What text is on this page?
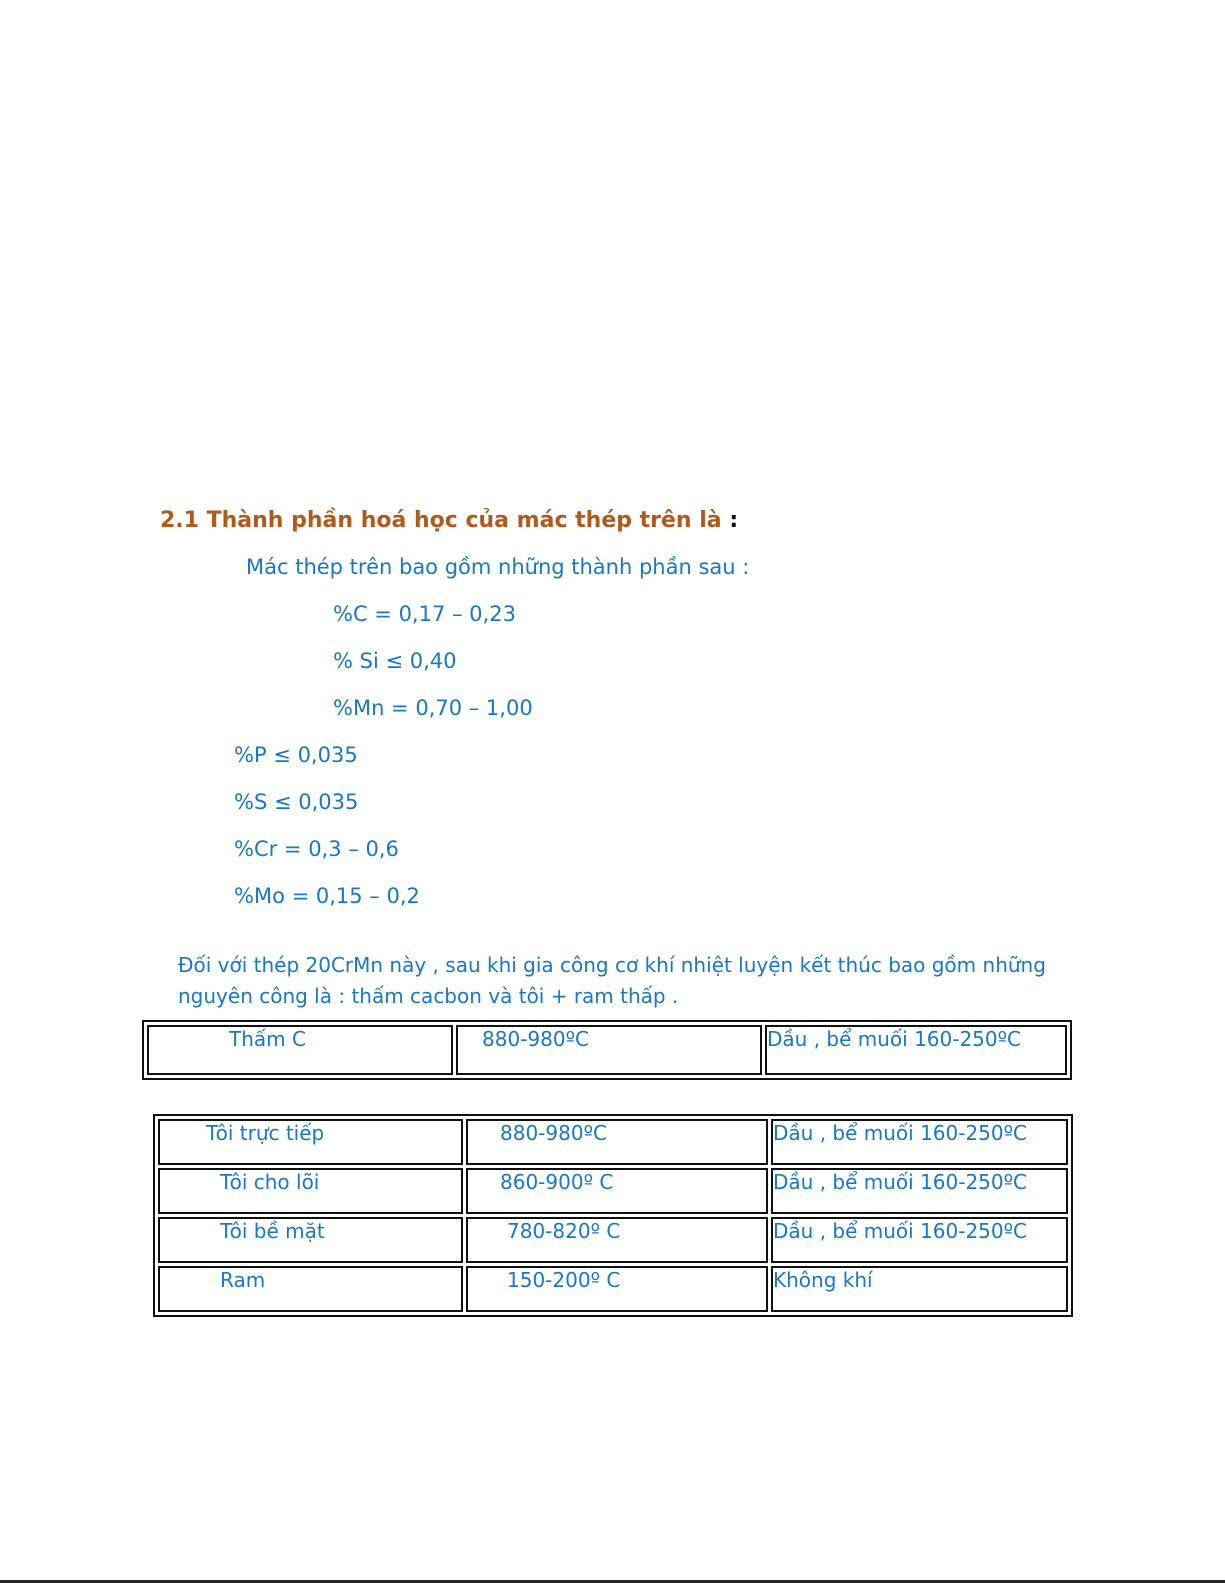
2.1 Thành phần hoá học của mác thép trên là :
Mác thép trên bao gồm những thành phần sau :
%C = 0,17 – 0,23
% Si ≤ 0,40
%Mn = 0,70 – 1,00
%P ≤ 0,035
%S ≤ 0,035
%Cr = 0,3 – 0,6
%Mo = 0,15 – 0,2
Đối với thép 20CrMn này , sau khi gia công cơ khí nhiệt luyện kết thúc bao gồm những nguyên công là : thấm cacbon và tôi + ram thấp .
Thấm C	880-980ºC	Dầu , bể muối 160-250ºC
Tôi trực tiếp	880-980ºC	Dầu , bể muối 160-250ºC
Tôi cho lõi	860-900º C	Dầu , bể muối 160-250ºC
Tôi bề mặt	780-820º C	Dầu , bể muối 160-250ºC
Ram	150-200º C	Không khí
